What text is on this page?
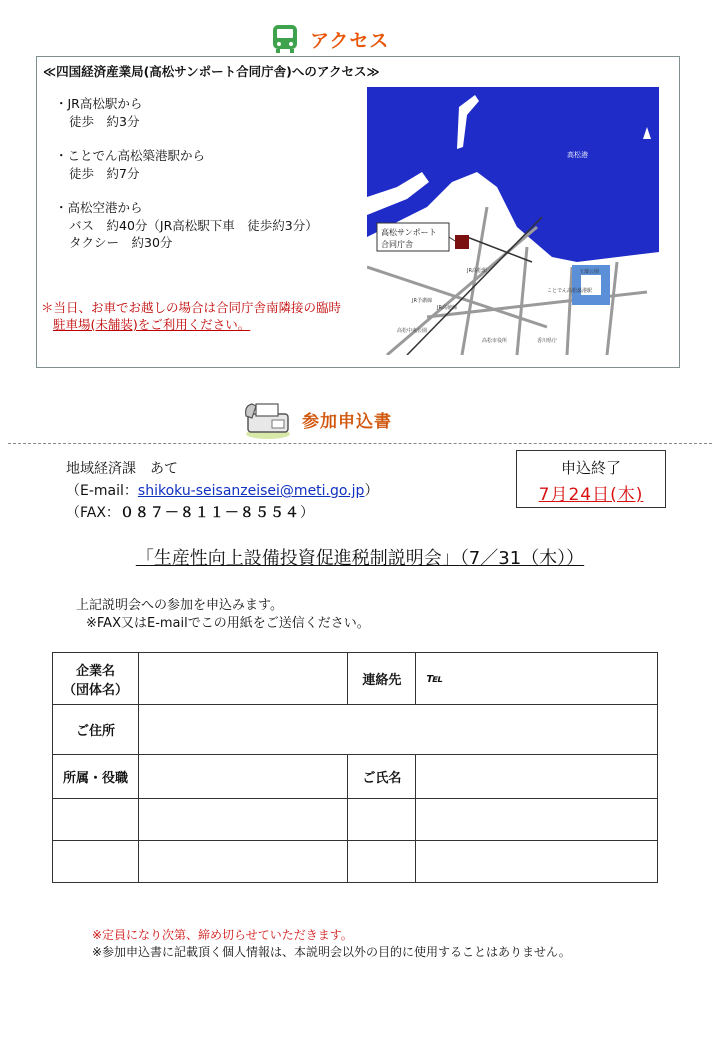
アクセス
≪四国経済産業局(高松サンポート合同庁舎)へのアクセス≫
・JR高松駅から
徒歩　約3分
・ことでん高松築港駅から
徒歩　約7分
・高松空港から
バス　約40分（JR高松駅下車　徒歩約3分）
タクシー　約30分
＊当日、お車でお越しの場合は合同庁舎南隣接の臨時
駐車場(未舗装)をご利用ください。
高松サンポート
合同庁舎
高松港
JR高松駅
JR予讃線
JR高徳線
ことでん高松築港駅
玉藻公園
高松市役所	香川県庁
高松中央公園
参加申込書
地域経済課　あて
（E-mail：shikoku-seisanzeisei@meti.go.jp）
（FAX：０８７－８１１－８５５４）
申込終了
7月24日(木)
「生産性向上設備投資促進税制説明会」（7／31（木））
上記説明会への参加を申込みます。
※FAX又はE-mailでこの用紙をご送信ください。
企業名
（団体名）		連絡先	℡
ご住所			
所属・役職		ご氏名	

※定員になり次第、締め切らせていただきます。
※参加申込書に記載頂く個人情報は、本説明会以外の目的に使用することはありません。
